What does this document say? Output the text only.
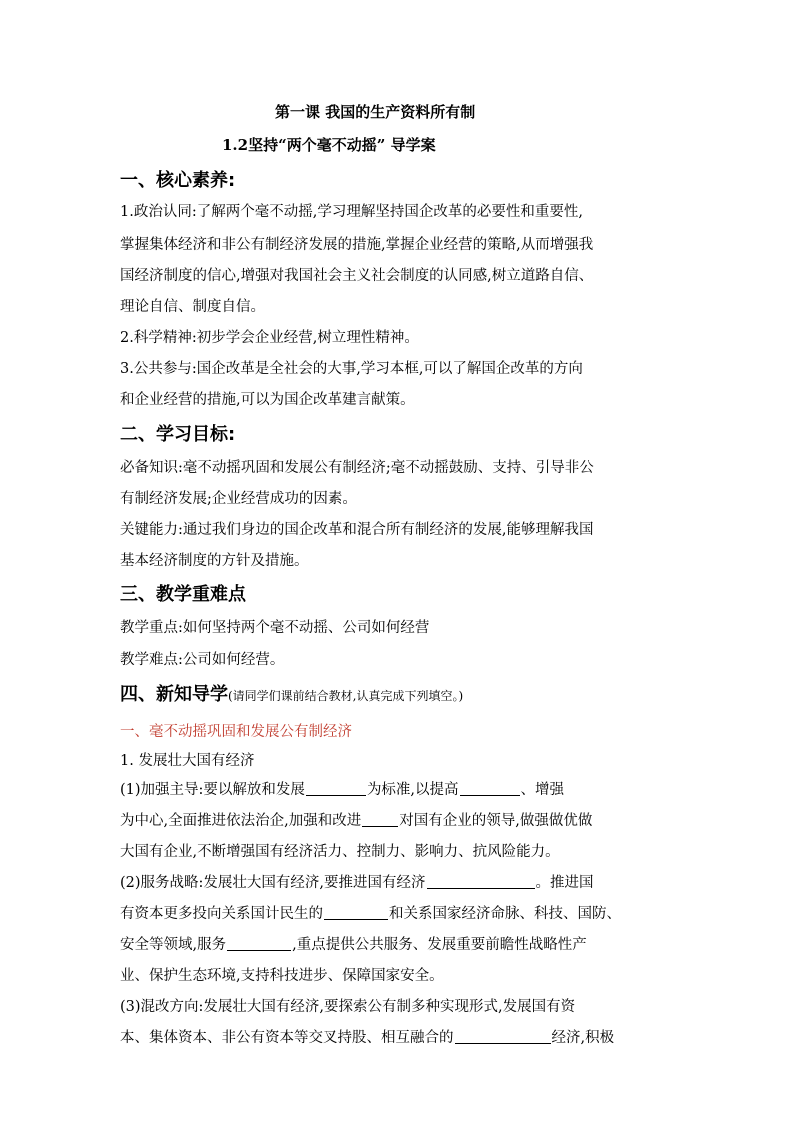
第一课 我国的生产资料所有制
1.2坚持“两个毫不动摇” 导学案
一、核心素养:
1.政治认同:了解两个毫不动摇,学习理解坚持国企改革的必要性和重要性,
掌握集体经济和非公有制经济发展的措施,掌握企业经营的策略,从而增强我
国经济制度的信心,增强对我国社会主义社会制度的认同感,树立道路自信、
理论自信、制度自信。
2.科学精神:初步学会企业经营,树立理性精神。
3.公共参与:国企改革是全社会的大事,学习本框,可以了解国企改革的方向
和企业经营的措施,可以为国企改革建言献策。
二、学习目标:
必备知识:毫不动摇巩固和发展公有制经济;毫不动摇鼓励、支持、引导非公
有制经济发展;企业经营成功的因素。
关键能力:通过我们身边的国企改革和混合所有制经济的发展,能够理解我国
基本经济制度的方针及措施。
三、教学重难点
教学重点:如何坚持两个毫不动摇、公司如何经营
教学难点:公司如何经营。
四、新知导学(请同学们课前结合教材,认真完成下列填空。)
一、毫不动摇巩固和发展公有制经济
1. 发展壮大国有经济
(1)加强主导:要以解放和发展	为标准,以提高	、增强
为中心,全面推进依法治企,加强和改进	对国有企业的领导,做强做优做
大国有企业,不断增强国有经济活力、控制力、影响力、抗风险能力。
(2)服务战略:发展壮大国有经济,要推进国有经济	。推进国
有资本更多投向关系国计民生的	和关系国家经济命脉、科技、国防、
安全等领域,服务	,重点提供公共服务、发展重要前瞻性战略性产
业、保护生态环境,支持科技进步、保障国家安全。
(3)混改方向:发展壮大国有经济,要探索公有制多种实现形式,发展国有资
本、集体资本、非公有资本等交叉持股、相互融合的	经济,积极
